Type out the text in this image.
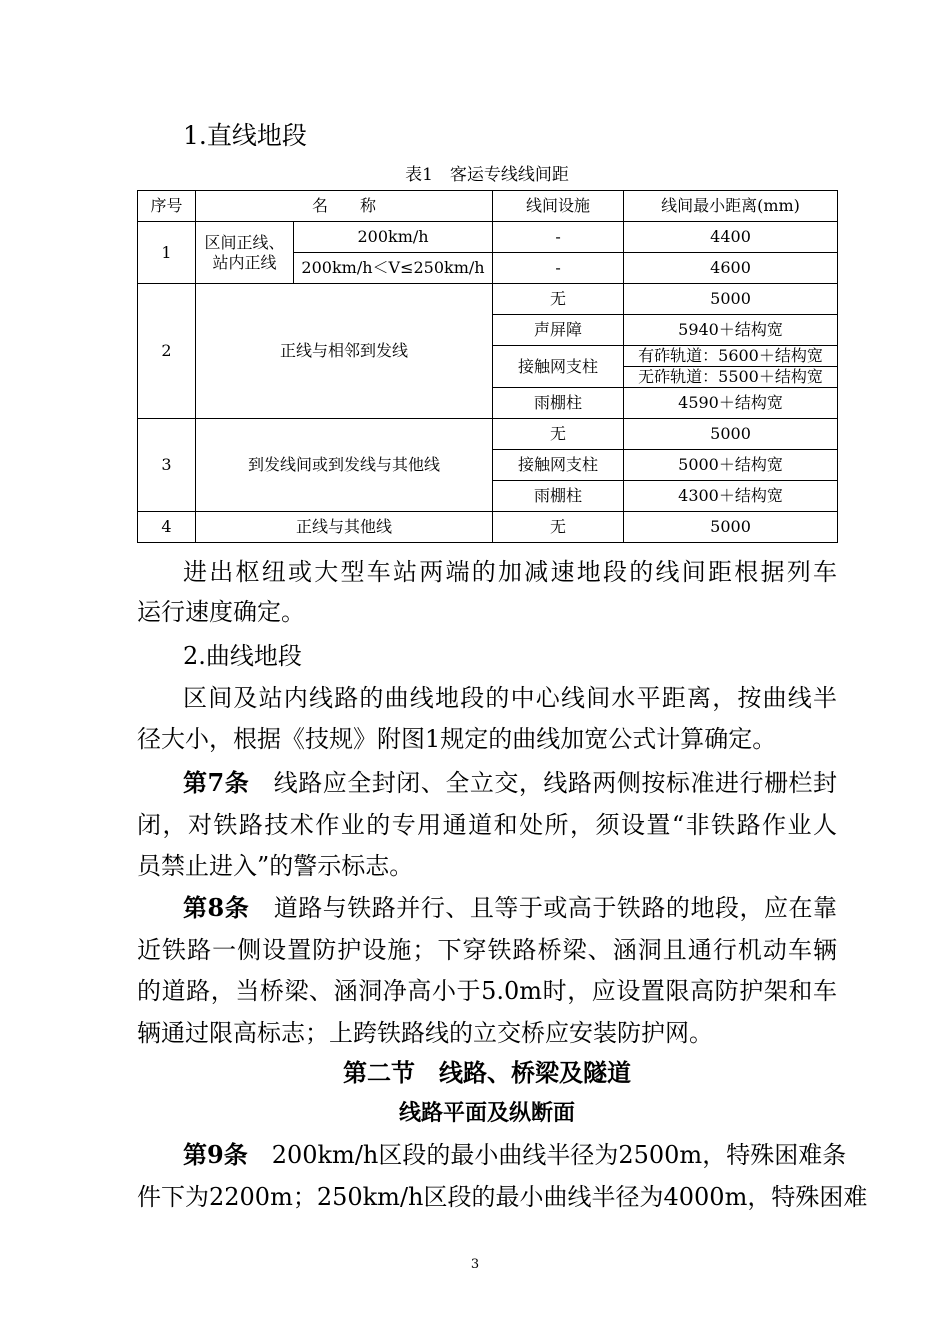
1.直线地段
表1　客运专线线间距
序号	名　　称		线间设施	线间最小距离(mm)
1	区间正线、站内正线	200km/h	-	4400
		200km/h＜V≤250km/h	-	4600
2	正线与相邻到发线		无	5000
			声屏障	5940＋结构宽
			接触网支柱	有砟轨道：5600＋结构宽
无砟轨道：5500＋结构宽

			雨棚柱	4590＋结构宽
3	到发线间或到发线与其他线		无	5000
			接触网支柱	5000＋结构宽
			雨棚柱	4300＋结构宽
4	正线与其他线		无	5000
进出枢纽或大型车站两端的加减速地段的线间距根据列车
运行速度确定。
2.曲线地段
区间及站内线路的曲线地段的中心线间水平距离，按曲线半
径大小，根据《技规》附图1规定的曲线加宽公式计算确定。
第7条　 线路应全封闭、全立交，线路两侧按标准进行栅栏封
闭，对铁路技术作业的专用通道和处所，须设置“非铁路作业人
员禁止进入”的警示标志。
第8条　 道路与铁路并行、且等于或高于铁路的地段，应在靠
近铁路一侧设置防护设施；下穿铁路桥梁、涵洞且通行机动车辆
的道路，当桥梁、涵洞净高小于5.0m时，应设置限高防护架和车
辆通过限高标志；上跨铁路线的立交桥应安装防护网。
第二节　线路、桥梁及隧道
线路平面及纵断面
第9条　 200km/h区段的最小曲线半径为2500m，特殊困难条
件下为2200m；250km/h区段的最小曲线半径为4000m，特殊困难
3
